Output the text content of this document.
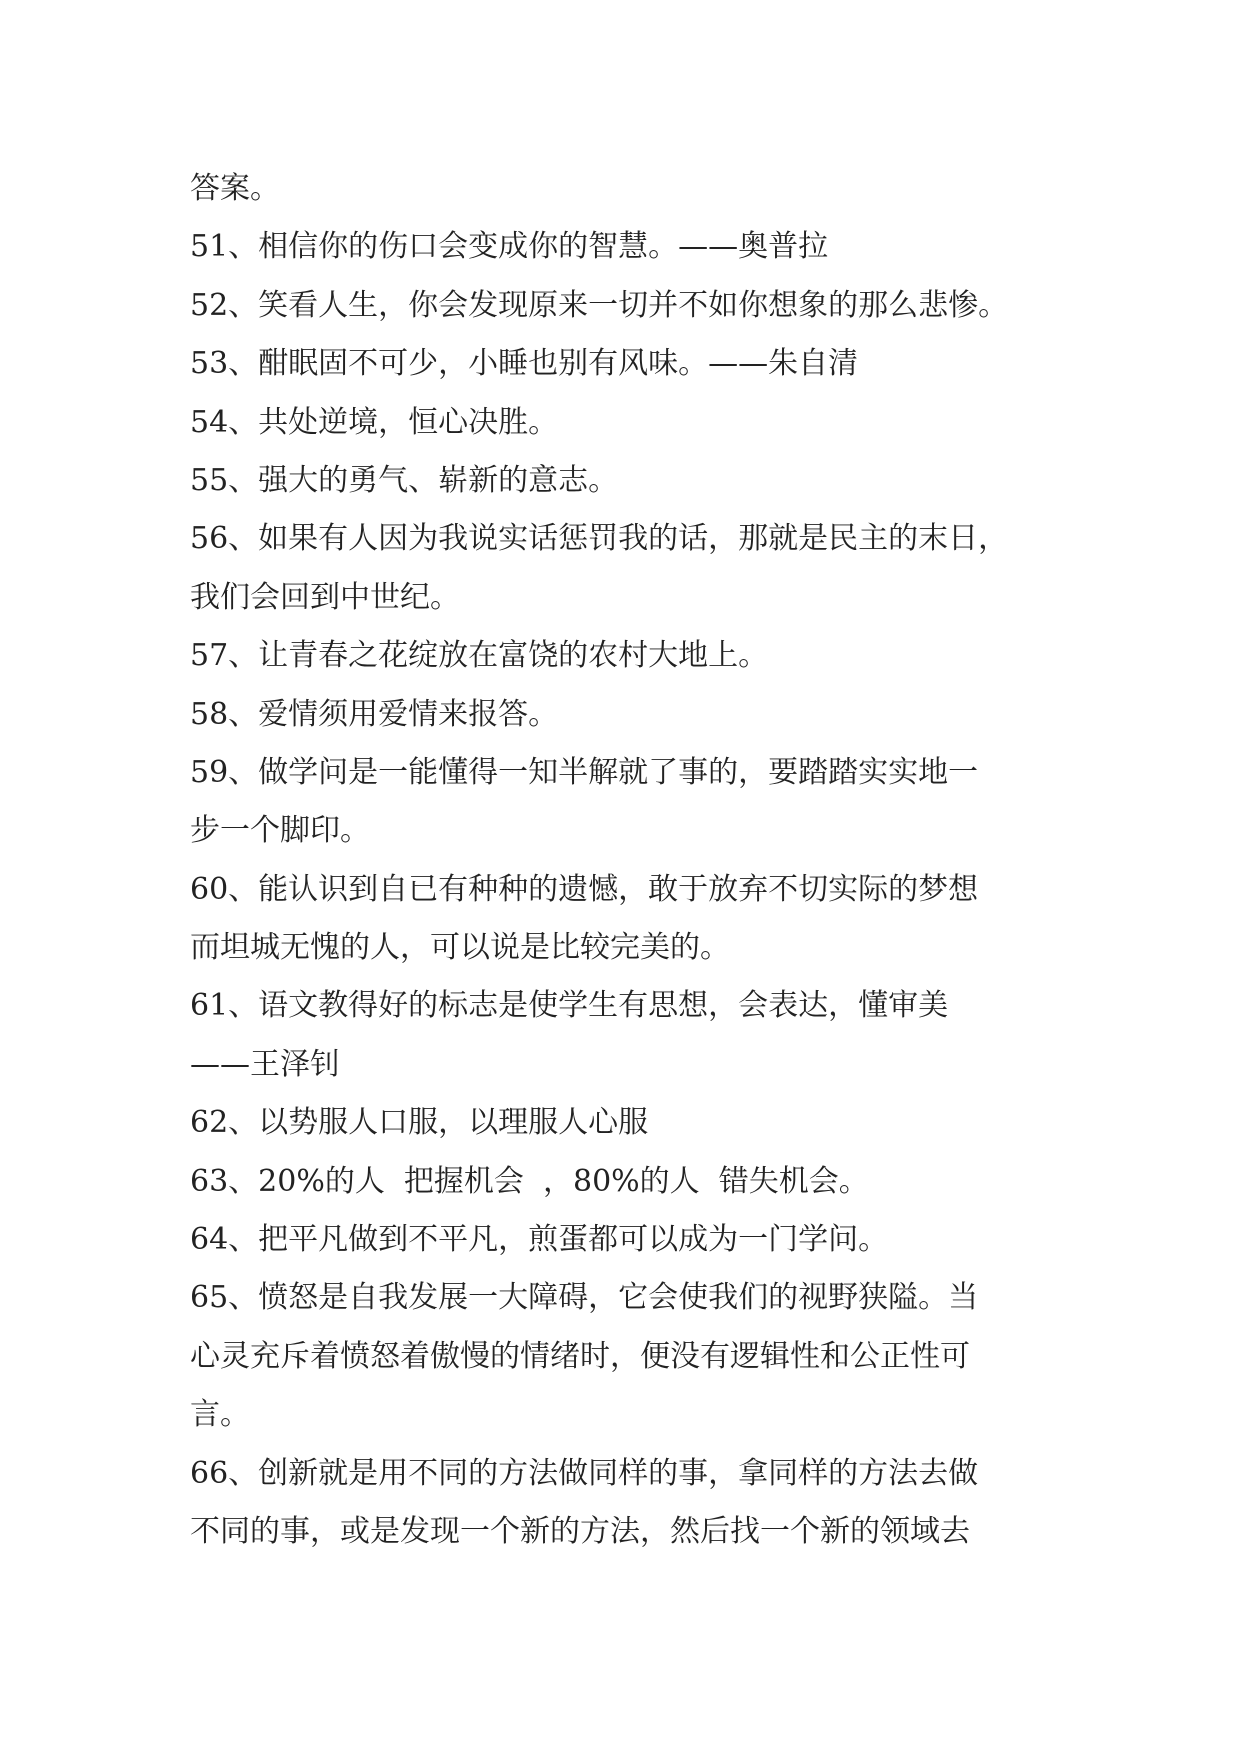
答案。
51、相信你的伤口会变成你的智慧。——奥普拉
52、笑看人生，你会发现原来一切并不如你想象的那么悲惨。
53、酣眠固不可少，小睡也别有风味。——朱自清
54、共处逆境，恒心决胜。
55、强大的勇气、崭新的意志。
56、如果有人因为我说实话惩罚我的话，那就是民主的末日，
我们会回到中世纪。
57、让青春之花绽放在富饶的农村大地上。
58、爱情须用爱情来报答。
59、做学问是一能懂得一知半解就了事的，要踏踏实实地一
步一个脚印。
60、能认识到自已有种种的遗憾，敢于放弃不切实际的梦想
而坦城无愧的人，可以说是比较完美的。
61、语文教得好的标志是使学生有思想，会表达，懂审美
——王泽钊
62、以势服人口服，以理服人心服
63、20%的人  把握机会  ，80%的人  错失机会。
64、把平凡做到不平凡，煎蛋都可以成为一门学问。
65、愤怒是自我发展一大障碍，它会使我们的视野狭隘。当
心灵充斥着愤怒着傲慢的情绪时，便没有逻辑性和公正性可
言。
66、创新就是用不同的方法做同样的事，拿同样的方法去做
不同的事，或是发现一个新的方法，然后找一个新的领域去
